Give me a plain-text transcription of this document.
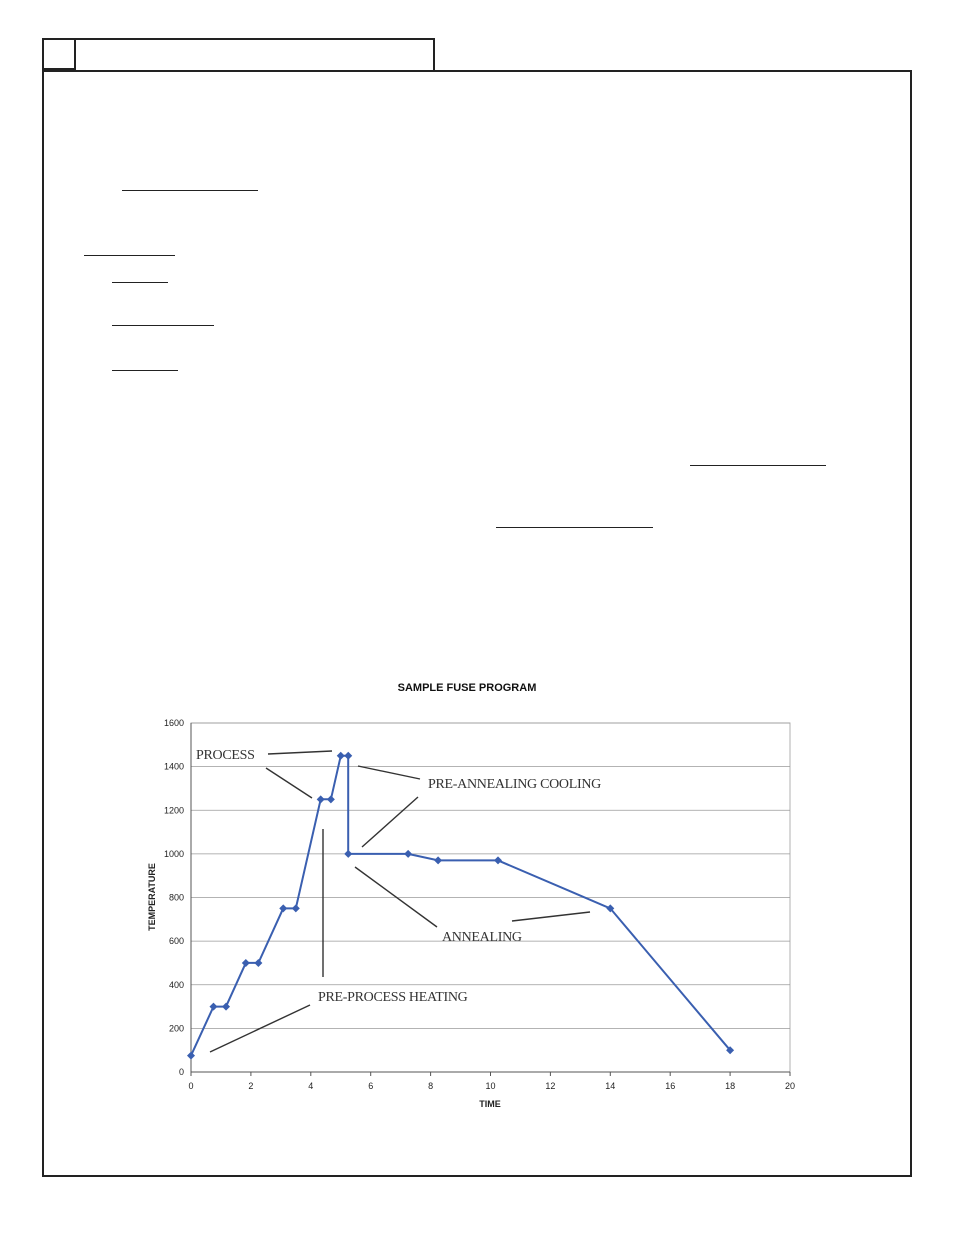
SAMPLE FUSE PROGRAM
0
200
400
600
800
1000
1200
1400
1600
0	2	4	6	8	10	12	14	16	18	20
TIME
TEMPERATURE
PROCESS
PRE-ANNEALING COOLING
ANNEALING
PRE-PROCESS HEATING
